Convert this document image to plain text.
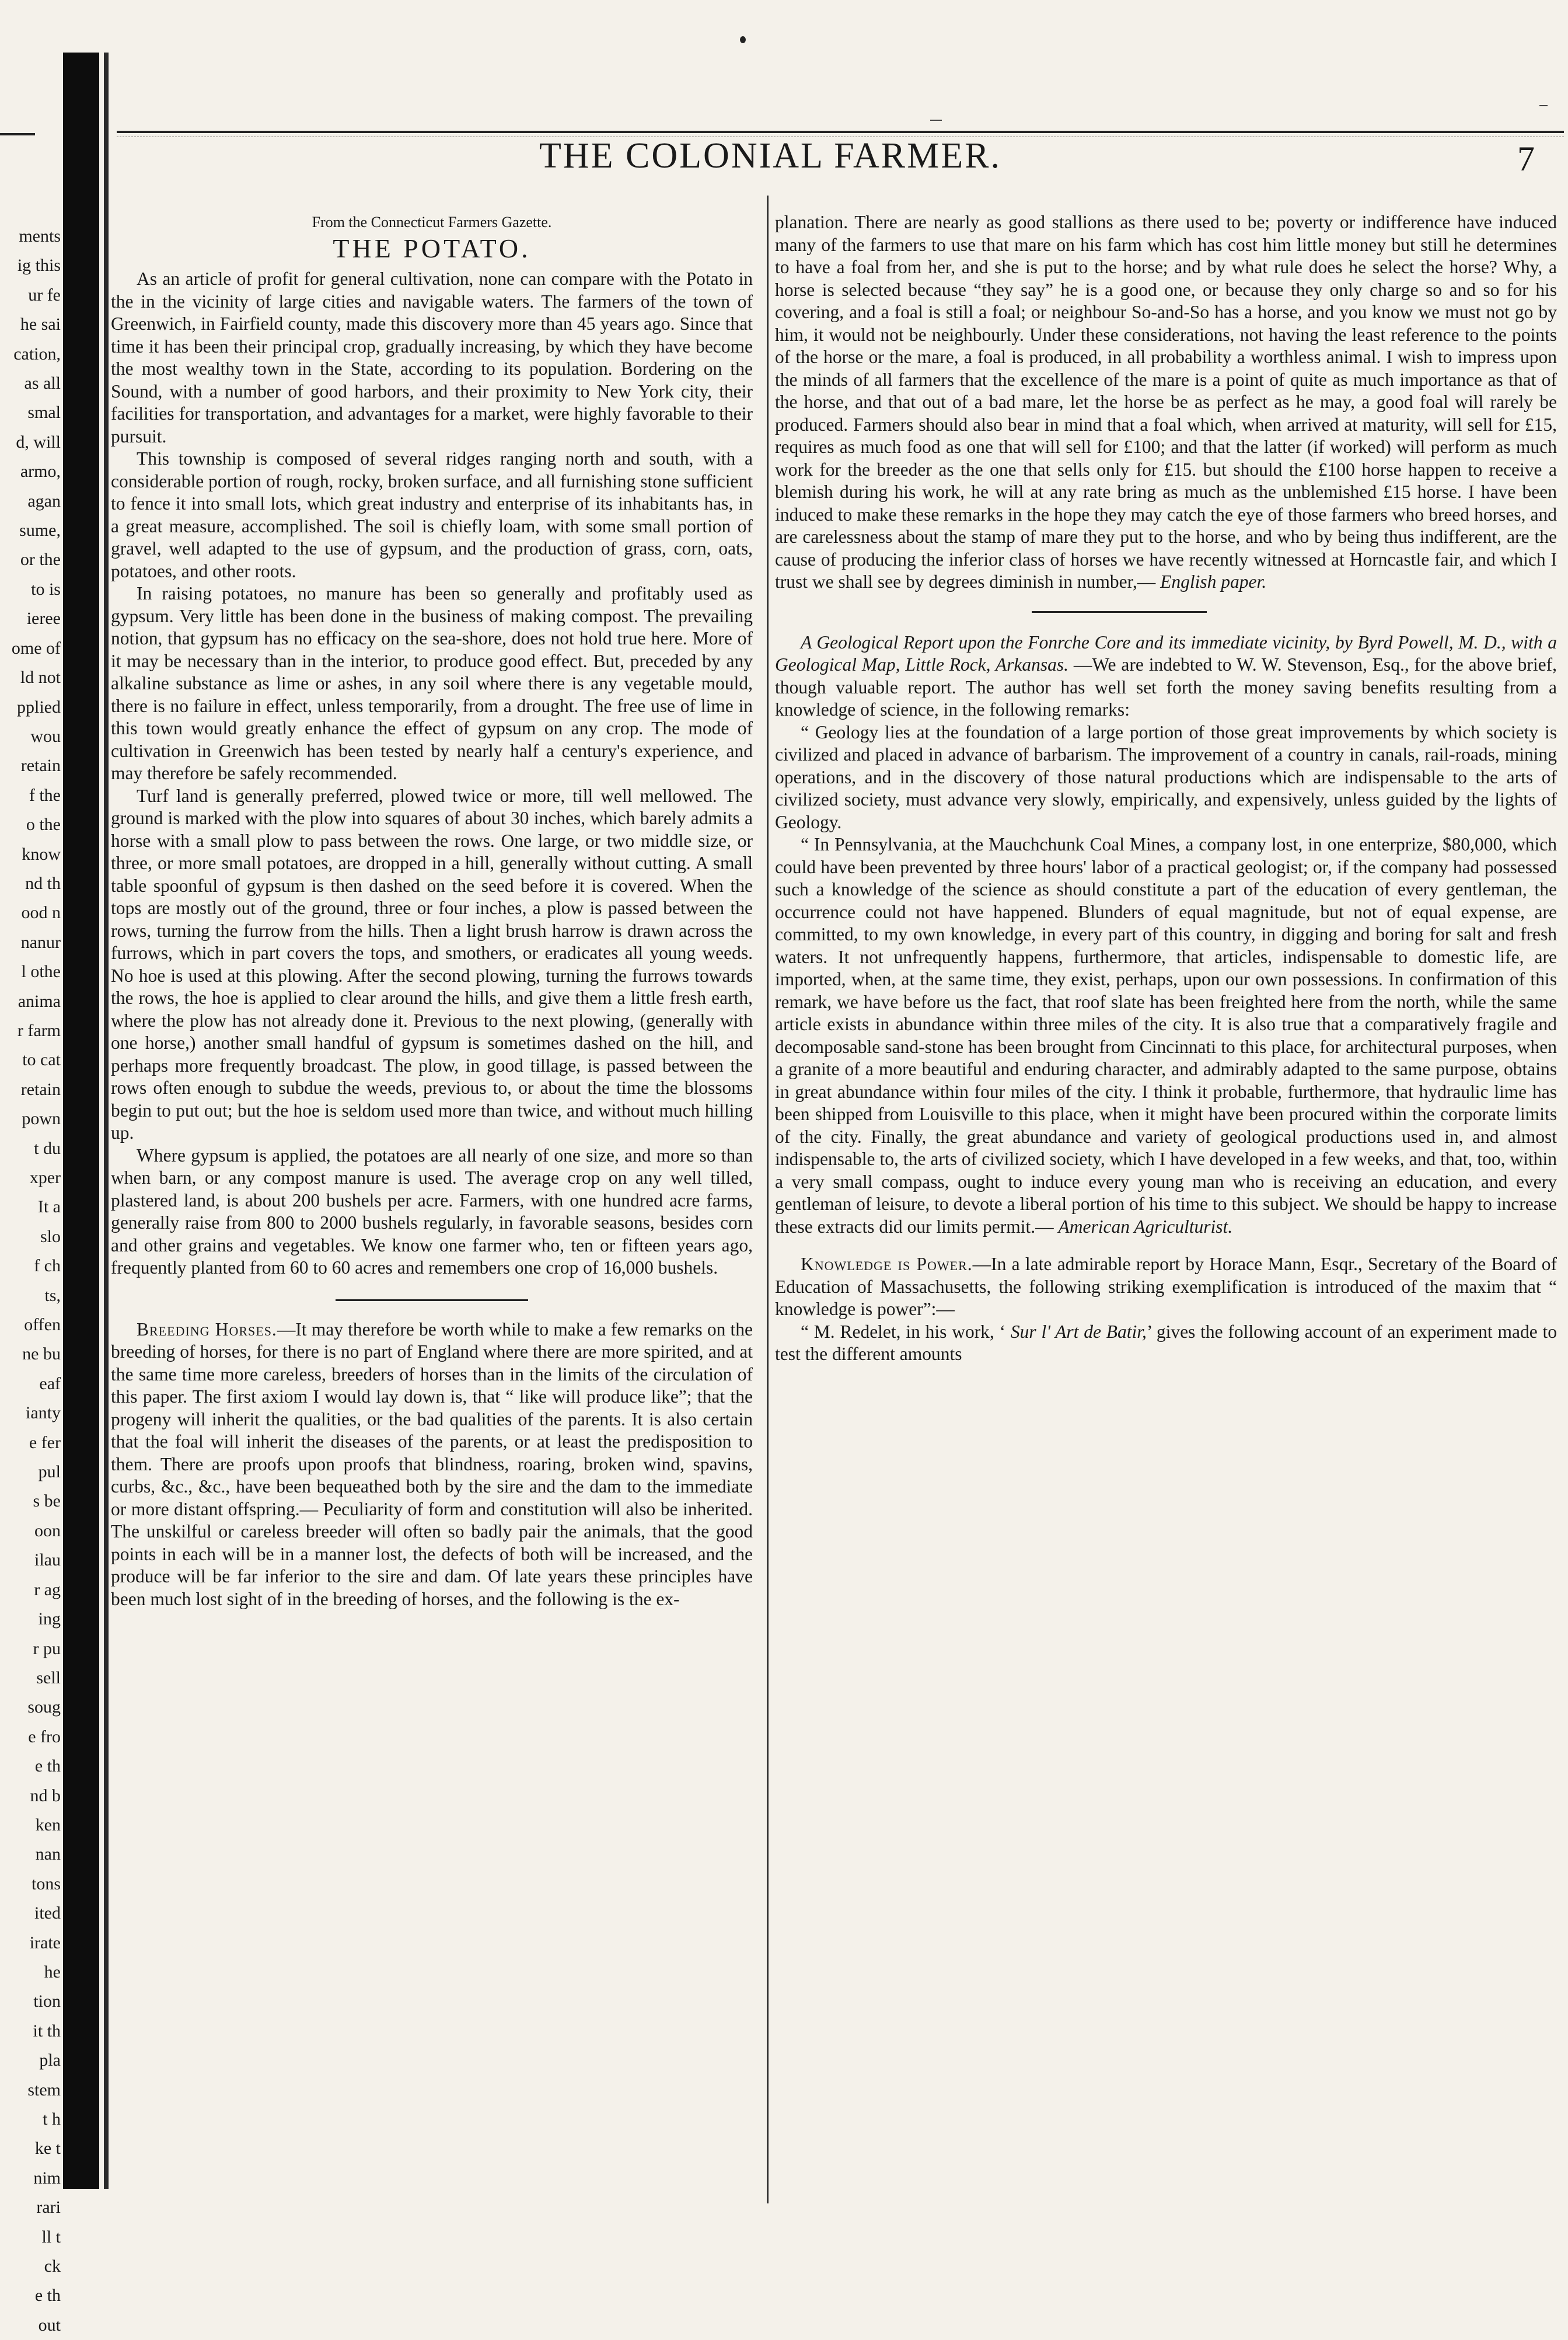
ments
ig this
ur fe
he sai
cation,
as all
smal
d, will
armo,
agan
sume,
or the
to is
ieree
ome of
ld not
pplied
wou
retain
f the
o the
know
nd th
ood n
nanur
l othe
anima
r farm
to cat
retain
pown
t du
xper
It a
slo
f ch
ts,
offen
ne bu
eaf
ianty
e fer
pul
s be
oon
ilau
r ag
ing
r pu
sell
soug
e fro
e th
nd b
ken
nan
tons
ited
irate
he
tion
it th
pla
stem
t h
ke t
nim
rari
ll t
ck
e th
out
THE COLONIAL FARMER.	7
From the Connecticut Farmers Gazette.
THE POTATO.

As an article of profit for general cultivation, none can compare with the Potato in the in the vicinity of large cities and navigable waters. The farmers of the town of Greenwich, in Fairfield county, made this discovery more than 45 years ago. Since that time it has been their principal crop, gradually increasing, by which they have become the most wealthy town in the State, according to its population. Bordering on the Sound, with a number of good harbors, and their proximity to New York city, their facilities for transportation, and advantages for a market, were highly favorable to their pursuit.

This township is composed of several ridges ranging north and south, with a considerable portion of rough, rocky, broken surface, and all furnishing stone sufficient to fence it into small lots, which great industry and enterprise of its inhabitants has, in a great measure, accomplished. The soil is chiefly loam, with some small portion of gravel, well adapted to the use of gypsum, and the production of grass, corn, oats, potatoes, and other roots.

In raising potatoes, no manure has been so generally and profitably used as gypsum. Very little has been done in the business of making compost. The prevailing notion, that gypsum has no efficacy on the sea-shore, does not hold true here. More of it may be necessary than in the interior, to produce good effect. But, preceded by any alkaline substance as lime or ashes, in any soil where there is any vegetable mould, there is no failure in effect, unless temporarily, from a drought. The free use of lime in this town would greatly enhance the effect of gypsum on any crop. The mode of cultivation in Greenwich has been tested by nearly half a century's experience, and may therefore be safely recommended.

Turf land is generally preferred, plowed twice or more, till well mellowed. The ground is marked with the plow into squares of about 30 inches, which barely admits a horse with a small plow to pass between the rows. One large, or two middle size, or three, or more small potatoes, are dropped in a hill, generally without cutting. A small table spoonful of gypsum is then dashed on the seed before it is covered. When the tops are mostly out of the ground, three or four inches, a plow is passed between the rows, turning the furrow from the hills. Then a light brush harrow is drawn across the furrows, which in part covers the tops, and smothers, or eradicates all young weeds. No hoe is used at this plowing. After the second plowing, turning the furrows towards the rows, the hoe is applied to clear around the hills, and give them a little fresh earth, where the plow has not already done it. Previous to the next plowing, (generally with one horse,) another small handful of gypsum is sometimes dashed on the hill, and perhaps more frequently broadcast. The plow, in good tillage, is passed between the rows often enough to subdue the weeds, previous to, or about the time the blossoms begin to put out; but the hoe is seldom used more than twice, and without much hilling up.

Where gypsum is applied, the potatoes are all nearly of one size, and more so than when barn, or any compost manure is used. The average crop on any well tilled, plastered land, is about 200 bushels per acre. Farmers, with one hundred acre farms, generally raise from 800 to 2000 bushels regularly, in favorable seasons, besides corn and other grains and vegetables. We know one farmer who, ten or fifteen years ago, frequently planted from 60 to 60 acres and remembers one crop of 16,000 bushels.

Breeding Horses.—It may therefore be worth while to make a few remarks on the breeding of horses, for there is no part of England where there are more spirited, and at the same time more careless, breeders of horses than in the limits of the circulation of this paper. The first axiom I would lay down is, that “ like will produce like”; that the progeny will inherit the qualities, or the bad qualities of the parents. It is also certain that the foal will inherit the diseases of the parents, or at least the predisposition to them. There are proofs upon proofs that blindness, roaring, broken wind, spavins, curbs, &c., &c., have been bequeathed both by the sire and the dam to the immediate or more distant offspring.— Peculiarity of form and constitution will also be inherited. The unskilful or careless breeder will often so badly pair the animals, that the good points in each will be in a manner lost, the defects of both will be increased, and the produce will be far inferior to the sire and dam. Of late years these principles have been much lost sight of in the breeding of horses, and the following is the ex-

planation. There are nearly as good stallions as there used to be; poverty or indifference have induced many of the farmers to use that mare on his farm which has cost him little money but still he determines to have a foal from her, and she is put to the horse; and by what rule does he select the horse? Why, a horse is selected because “they say” he is a good one, or because they only charge so and so for his covering, and a foal is still a foal; or neighbour So-and-So has a horse, and you know we must not go by him, it would not be neighbourly. Under these considerations, not having the least reference to the points of the horse or the mare, a foal is produced, in all probability a worthless animal. I wish to impress upon the minds of all farmers that the excellence of the mare is a point of quite as much importance as that of the horse, and that out of a bad mare, let the horse be as perfect as he may, a good foal will rarely be produced. Farmers should also bear in mind that a foal which, when arrived at maturity, will sell for £15, requires as much food as one that will sell for £100; and that the latter (if worked) will perform as much work for the breeder as the one that sells only for £15. but should the £100 horse happen to receive a blemish during his work, he will at any rate bring as much as the unblemished £15 horse. I have been induced to make these remarks in the hope they may catch the eye of those farmers who breed horses, and are carelessness about the stamp of mare they put to the horse, and who by being thus indifferent, are the cause of producing the inferior class of horses we have recently witnessed at Horncastle fair, and which I trust we shall see by degrees diminish in number,— English paper.

A Geological Report upon the Fonrche Core and its immediate vicinity, by Byrd Powell, M. D., with a Geological Map, Little Rock, Arkansas. —We are indebted to W. W. Stevenson, Esq., for the above brief, though valuable report. The author has well set forth the money saving benefits resulting from a knowledge of science, in the following remarks:

“ Geology lies at the foundation of a large portion of those great improvements by which society is civilized and placed in advance of barbarism. The improvement of a country in canals, rail-roads, mining operations, and in the discovery of those natural productions which are indispensable to the arts of civilized society, must advance very slowly, empirically, and expensively, unless guided by the lights of Geology.

“ In Pennsylvania, at the Mauchchunk Coal Mines, a company lost, in one enterprize, $80,000, which could have been prevented by three hours' labor of a practical geologist; or, if the company had possessed such a knowledge of the science as should constitute a part of the education of every gentleman, the occurrence could not have happened. Blunders of equal magnitude, but not of equal expense, are committed, to my own knowledge, in every part of this country, in digging and boring for salt and fresh waters. It not unfrequently happens, furthermore, that articles, indispensable to domestic life, are imported, when, at the same time, they exist, perhaps, upon our own possessions. In confirmation of this remark, we have before us the fact, that roof slate has been freighted here from the north, while the same article exists in abundance within three miles of the city. It is also true that a comparatively fragile and decomposable sand-stone has been brought from Cincinnati to this place, for architectural purposes, when a granite of a more beautiful and enduring character, and admirably adapted to the same purpose, obtains in great abundance within four miles of the city. I think it probable, furthermore, that hydraulic lime has been shipped from Louisville to this place, when it might have been procured within the corporate limits of the city. Finally, the great abundance and variety of geological productions used in, and almost indispensable to, the arts of civilized society, which I have developed in a few weeks, and that, too, within a very small compass, ought to induce every young man who is receiving an education, and every gentleman of leisure, to devote a liberal portion of his time to this subject. We should be happy to increase these extracts did our limits permit.— American Agriculturist.

Knowledge is Power.—In a late admirable report by Horace Mann, Esqr., Secretary of the Board of Education of Massachusetts, the following striking exemplification is introduced of the maxim that “ knowledge is power”:—

“ M. Redelet, in his work, ‘ Sur l' Art de Batir,’ gives the following account of an experiment made to test the different amounts
